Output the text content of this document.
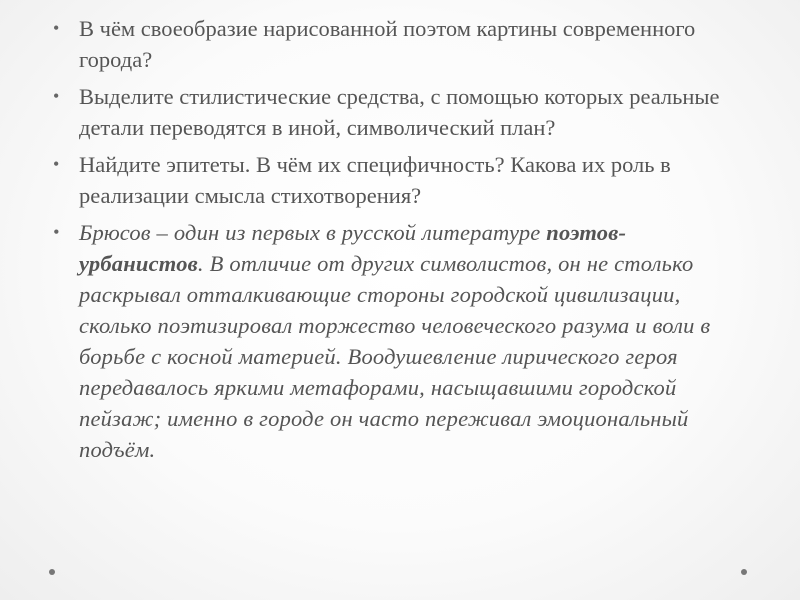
• В чём своеобразие нарисованной поэтом картины современного города?
• Выделите стилистические средства, с помощью которых реальные детали переводятся в иной, символический план?
• Найдите эпитеты. В чём их специфичность? Какова их роль в реализации смысла стихотворения?
• Брюсов – один из первых в русской литературе поэтов-урбанистов. В отличие от других символистов, он не столько раскрывал отталкивающие стороны городской цивилизации, сколько поэтизировал торжество человеческого разума и воли в борьбе с косной материей. Воодушевление лирического героя передавалось яркими метафорами, насыщавшими городской пейзаж; именно в городе он часто переживал эмоциональный подъём.
